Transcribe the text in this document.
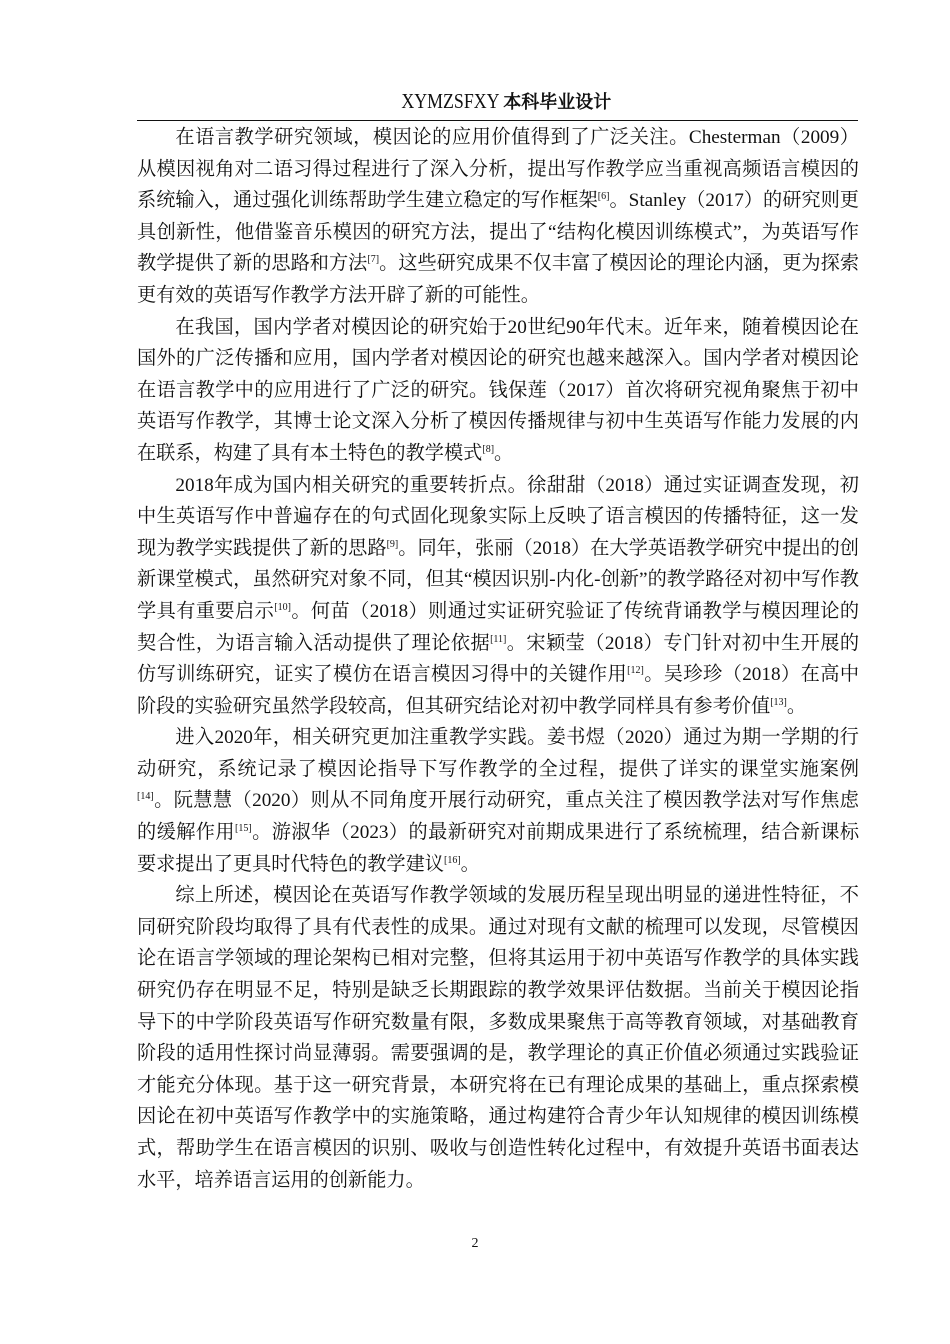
XYMZSFXY 本科毕业设计

在语言教学研究领域，模因论的应用价值得到了广泛关注。Chesterman（2009）从模因视角对二语习得过程进行了深入分析，提出写作教学应当重视高频语言模因的系统输入，通过强化训练帮助学生建立稳定的写作框架[6]。Stanley（2017）的研究则更具创新性，他借鉴音乐模因的研究方法，提出了“结构化模因训练模式”，为英语写作教学提供了新的思路和方法[7]。这些研究成果不仅丰富了模因论的理论内涵，更为探索更有效的英语写作教学方法开辟了新的可能性。

在我国，国内学者对模因论的研究始于20世纪90年代末。近年来，随着模因论在国外的广泛传播和应用，国内学者对模因论的研究也越来越深入。国内学者对模因论在语言教学中的应用进行了广泛的研究。钱保莲（2017）首次将研究视角聚焦于初中英语写作教学，其博士论文深入分析了模因传播规律与初中生英语写作能力发展的内在联系，构建了具有本土特色的教学模式[8]。

2018年成为国内相关研究的重要转折点。徐甜甜（2018）通过实证调查发现，初中生英语写作中普遍存在的句式固化现象实际上反映了语言模因的传播特征，这一发现为教学实践提供了新的思路[9]。同年，张丽（2018）在大学英语教学研究中提出的创新课堂模式，虽然研究对象不同，但其“模因识别-内化-创新”的教学路径对初中写作教学具有重要启示[10]。何苗（2018）则通过实证研究验证了传统背诵教学与模因理论的契合性，为语言输入活动提供了理论依据[11]。宋颖莹（2018）专门针对初中生开展的仿写训练研究，证实了模仿在语言模因习得中的关键作用[12]。吴珍珍（2018）在高中阶段的实验研究虽然学段较高，但其研究结论对初中教学同样具有参考价值[13]。

进入2020年，相关研究更加注重教学实践。姜书煜（2020）通过为期一学期的行动研究，系统记录了模因论指导下写作教学的全过程，提供了详实的课堂实施案例[14]。阮慧慧（2020）则从不同角度开展行动研究，重点关注了模因教学法对写作焦虑的缓解作用[15]。游淑华（2023）的最新研究对前期成果进行了系统梳理，结合新课标要求提出了更具时代特色的教学建议[16]。

综上所述，模因论在英语写作教学领域的发展历程呈现出明显的递进性特征，不同研究阶段均取得了具有代表性的成果。通过对现有文献的梳理可以发现，尽管模因论在语言学领域的理论架构已相对完整，但将其运用于初中英语写作教学的具体实践研究仍存在明显不足，特别是缺乏长期跟踪的教学效果评估数据。当前关于模因论指导下的中学阶段英语写作研究数量有限，多数成果聚焦于高等教育领域，对基础教育阶段的适用性探讨尚显薄弱。需要强调的是，教学理论的真正价值必须通过实践验证才能充分体现。基于这一研究背景，本研究将在已有理论成果的基础上，重点探索模因论在初中英语写作教学中的实施策略，通过构建符合青少年认知规律的模因训练模式，帮助学生在语言模因的识别、吸收与创造性转化过程中，有效提升英语书面表达水平，培养语言运用的创新能力。

2
